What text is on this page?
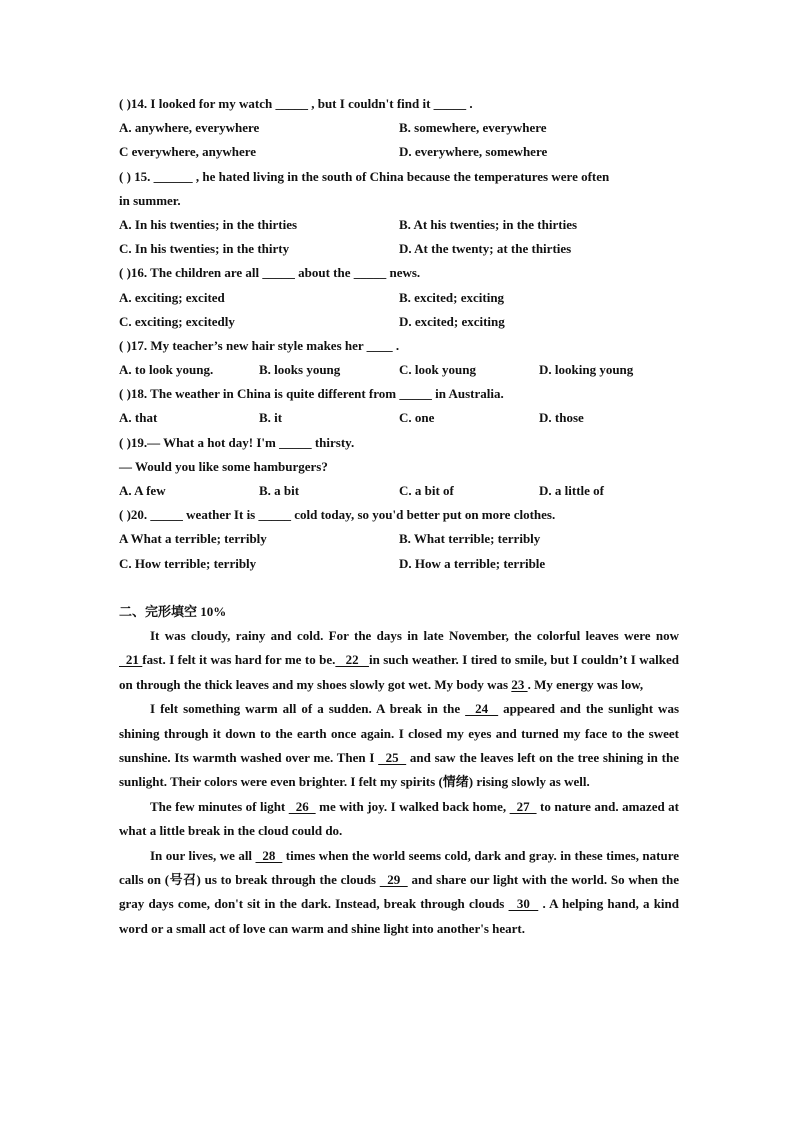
( )14. I looked for my watch _____ , but I couldn't find it _____ .
A. anywhere, everywhere	B. somewhere, everywhere
C everywhere, anywhere	D. everywhere, somewhere
( ) 15. ______ , he hated living in the south of China because the temperatures were often
in summer.
A. In his twenties; in the thirties	B. At his twenties; in the thirties
C. In his twenties; in the thirty	D. At the twenty; at the thirties
( )16. The children are all _____ about the _____ news.
A. exciting; excited	B. excited; exciting
C. exciting; excitedly	D. excited; exciting
( )17. My teacher’s new hair style makes her ____ .
A. to look young.	B. looks young	C. look young	D. looking young
( )18. The weather in China is quite different from _____ in Australia.
A. that	B. it	C. one	D. those
( )19.— What a hot day! I'm _____ thirsty.
— Would you like some hamburgers?
A. A few	B. a bit	C. a bit of	D. a little of
( )20. _____ weather It is _____ cold today, so you'd better put on more clothes.
A What a terrible; terribly	B. What terrible; terribly
C. How terrible; terribly	D. How a terrible; terrible
二、完形填空 10%
It was cloudy, rainy and cold. For the days in late November, the colorful leaves were now   21 fast. I felt it was hard for me to be.   22   in such weather. I tired to smile, but I couldn’t I walked on through the thick leaves and my shoes slowly got wet. My body was 23 . My energy was low,
I felt something warm all of a sudden. A break in the   24   appeared and the sunlight was shining through it down to the earth once again. I closed my eyes and turned my face to the sweet sunshine. Its warmth washed over me. Then I   25   and saw the leaves left on the tree shining in the sunlight. Their colors were even brighter. I felt my spirits (情绪) rising slowly as well.
The few minutes of light   26   me with joy. I walked back home,   27   to nature and. amazed at what a little break in the cloud could do.
In our lives, we all   28   times when the world seems cold, dark and gray. in these times, nature calls on (号召) us to break through the clouds   29   and share our light with the world. So when the gray days come, don't sit in the dark. Instead, break through clouds   30   . A helping hand, a kind word or a small act of love can warm and shine light into another's heart.
